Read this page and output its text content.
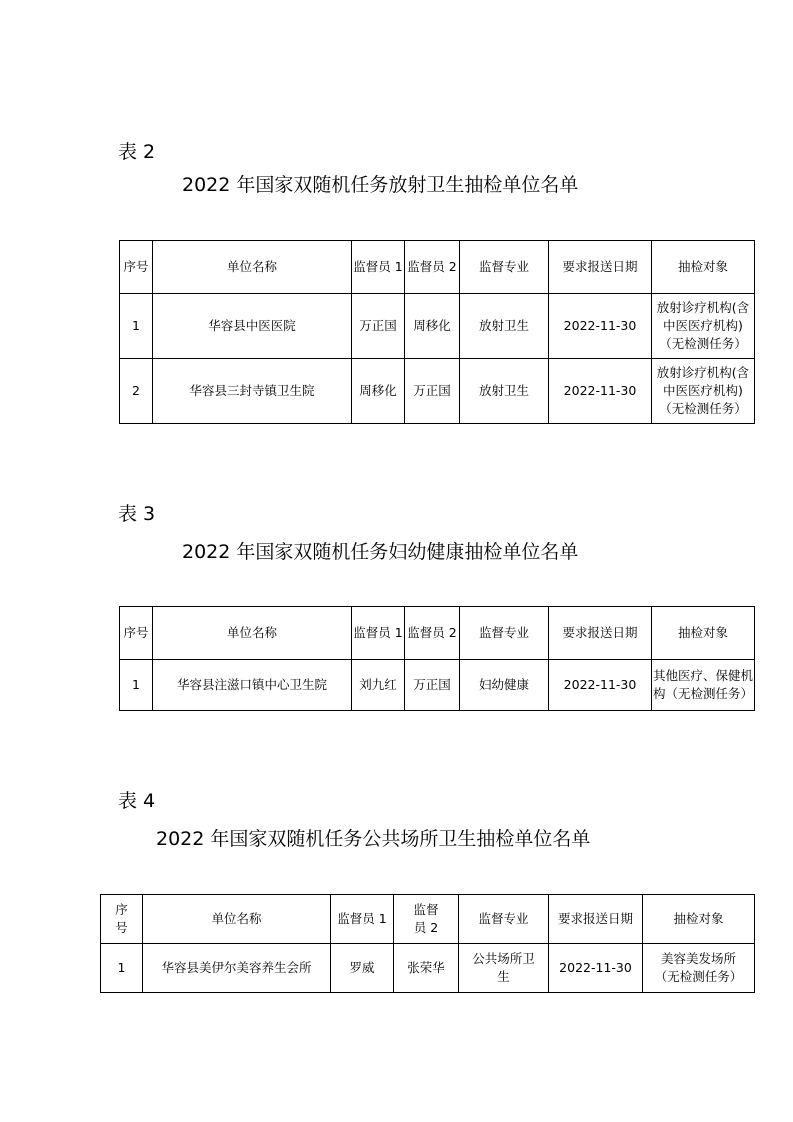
表 2
2022 年国家双随机任务放射卫生抽检单位名单
序号	单位名称	监督员 1	监督员 2	监督专业	要求报送日期	抽检对象
1	华容县中医医院	万正国	周移化	放射卫生	2022-11-30	放射诊疗机构(含中医医疗机构)（无检测任务）
2	华容县三封寺镇卫生院	周移化	万正国	放射卫生	2022-11-30	放射诊疗机构(含中医医疗机构)（无检测任务）
表 3
2022 年国家双随机任务妇幼健康抽检单位名单
序号	单位名称	监督员 1	监督员 2	监督专业	要求报送日期	抽检对象
1	华容县注滋口镇中心卫生院	刘九红	万正国	妇幼健康	2022-11-30	其他医疗、保健机构（无检测任务）
表 4
2022 年国家双随机任务公共场所卫生抽检单位名单
序号	单位名称	监督员 1	监督员 2	监督专业	要求报送日期	抽检对象
1	华容县美伊尔美容养生会所	罗威	张荣华	公共场所卫生	2022-11-30	美容美发场所（无检测任务）
